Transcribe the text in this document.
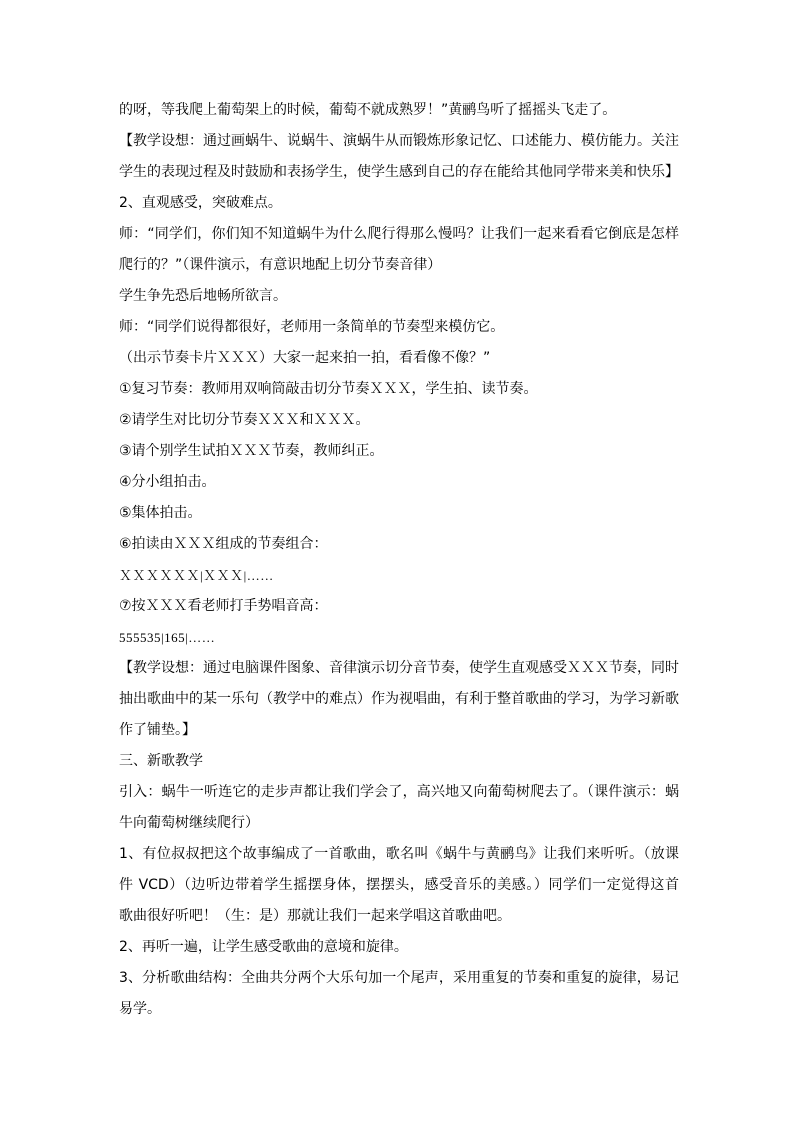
的呀，等我爬上葡萄架上的时候，葡萄不就成熟罗！”黄鹂鸟听了摇摇头飞走了。
【教学设想：通过画蜗牛、说蜗牛、演蜗牛从而锻炼形象记忆、口述能力、模仿能力。关注
学生的表现过程及时鼓励和表扬学生，使学生感到自己的存在能给其他同学带来美和快乐】
2、直观感受，突破难点。
师：“同学们，你们知不知道蜗牛为什么爬行得那么慢吗？让我们一起来看看它倒底是怎样
爬行的？”（课件演示，有意识地配上切分节奏音律）
学生争先恐后地畅所欲言。
师：“同学们说得都很好，老师用一条简单的节奏型来模仿它。
（出示节奏卡片ＸＸＸ）大家一起来拍一拍，看看像不像？”
①复习节奏：教师用双响筒敲击切分节奏ＸＸＸ，学生拍、读节奏。
②请学生对比切分节奏ＸＸＸ和ＸＸＸ。
③请个别学生试拍ＸＸＸ节奏，教师纠正。
④分小组拍击。
⑤集体拍击。
⑥拍读由ＸＸＸ组成的节奏组合：
ＸＸＸＸＸＸ|ＸＸＸ|……
⑦按ＸＸＸ看老师打手势唱音高：
555535|165|……
【教学设想：通过电脑课件图象、音律演示切分音节奏，使学生直观感受ＸＸＸ节奏，同时
抽出歌曲中的某一乐句（教学中的难点）作为视唱曲，有利于整首歌曲的学习，为学习新歌
作了铺垫。】
三、新歌教学
引入：蜗牛一听连它的走步声都让我们学会了，高兴地又向葡萄树爬去了。（课件演示：蜗
牛向葡萄树继续爬行）
1、有位叔叔把这个故事编成了一首歌曲，歌名叫《蜗牛与黄鹂鸟》让我们来听听。（放课
件 VCD）（边听边带着学生摇摆身体，摆摆头，感受音乐的美感。）同学们一定觉得这首
歌曲很好听吧！（生：是）那就让我们一起来学唱这首歌曲吧。
2、再听一遍，让学生感受歌曲的意境和旋律。
3、分析歌曲结构：全曲共分两个大乐句加一个尾声，采用重复的节奏和重复的旋律，易记
易学。
